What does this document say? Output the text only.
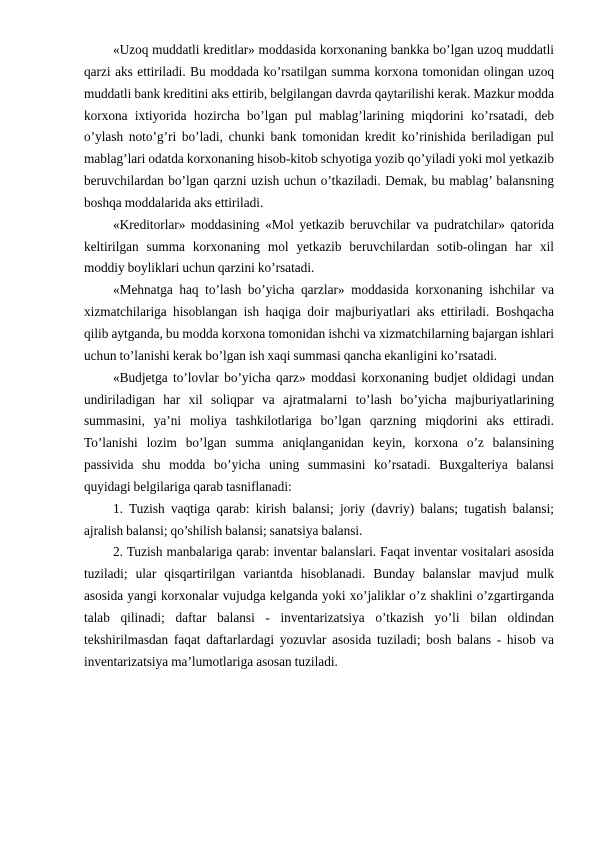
«Uzoq muddatli kreditlar» moddasida korxonaning bankka bo’lgan uzoq muddatli qarzi aks ettiriladi. Bu moddada ko’rsatilgan summa korxona tomonidan olingan uzoq muddatli bank kreditini aks ettirib, belgilangan davrda qaytarilishi kerak. Mazkur modda korxona ixtiyorida hozircha bo’lgan pul mablag’larining miqdorini ko’rsatadi, deb o’ylash noto’g’ri bo’ladi, chunki bank tomonidan kredit ko’rinishida beriladigan pul mablag’lari odatda korxonaning hisob-kitob schyotiga yozib qo’yiladi yoki mol yetkazib beruvchilardan bo’lgan qarzni uzish uchun o’tkaziladi. Demak, bu mablag’ balansning boshqa moddalarida aks ettiriladi.

«Kreditorlar» moddasining «Mol yetkazib beruvchilar va pudratchilar» qatorida keltirilgan summa korxonaning mol yetkazib beruvchilardan sotib-olingan har xil moddiy boyliklari uchun qarzini ko’rsatadi.

«Mehnatga haq to’lash bo’yicha qarzlar» moddasida korxonaning ishchilar va xizmatchilariga hisoblangan ish haqiga doir majburiyatlari aks ettiriladi. Boshqacha qilib aytganda, bu modda korxona tomonidan ishchi va xizmatchilarning bajargan ishlari uchun to’lanishi kerak bo’lgan ish xaqi summasi qancha ekanligini ko’rsatadi.

«Budjetga to’lovlar bo’yicha qarz» moddasi korxonaning budjet oldidagi undan undiriladigan har xil soliqpar va ajratmalarni to’lash bo’yicha majburiyatlarining summasini, ya’ni moliya tashkilotlariga bo’lgan qarzning miqdorini aks ettiradi. To’lanishi lozim bo’lgan summa aniqlanganidan keyin, korxona o’z balansining passivida shu modda bo’yicha uning summasini ko’rsatadi. Buxgalteriya balansi quyidagi belgilariga qarab tasniflanadi:

1. Tuzish vaqtiga qarab: kirish balansi; joriy (davriy) balans; tugatish balansi; ajralish balansi; qo’shilish balansi; sanatsiya balansi.

2. Tuzish manbalariga qarab: inventar balanslari. Faqat inventar vositalari asosida tuziladi; ular qisqartirilgan variantda hisoblanadi. Bunday balanslar mavjud mulk asosida yangi korxonalar vujudga kelganda yoki xo’jaliklar o’z shaklini o’zgartirganda talab qilinadi; daftar balansi - inventarizatsiya o’tkazish yo’li bilan oldindan tekshirilmasdan faqat daftarlardagi yozuvlar asosida tuziladi; bosh balans - hisob va inventarizatsiya ma’lumotlariga asosan tuziladi.
